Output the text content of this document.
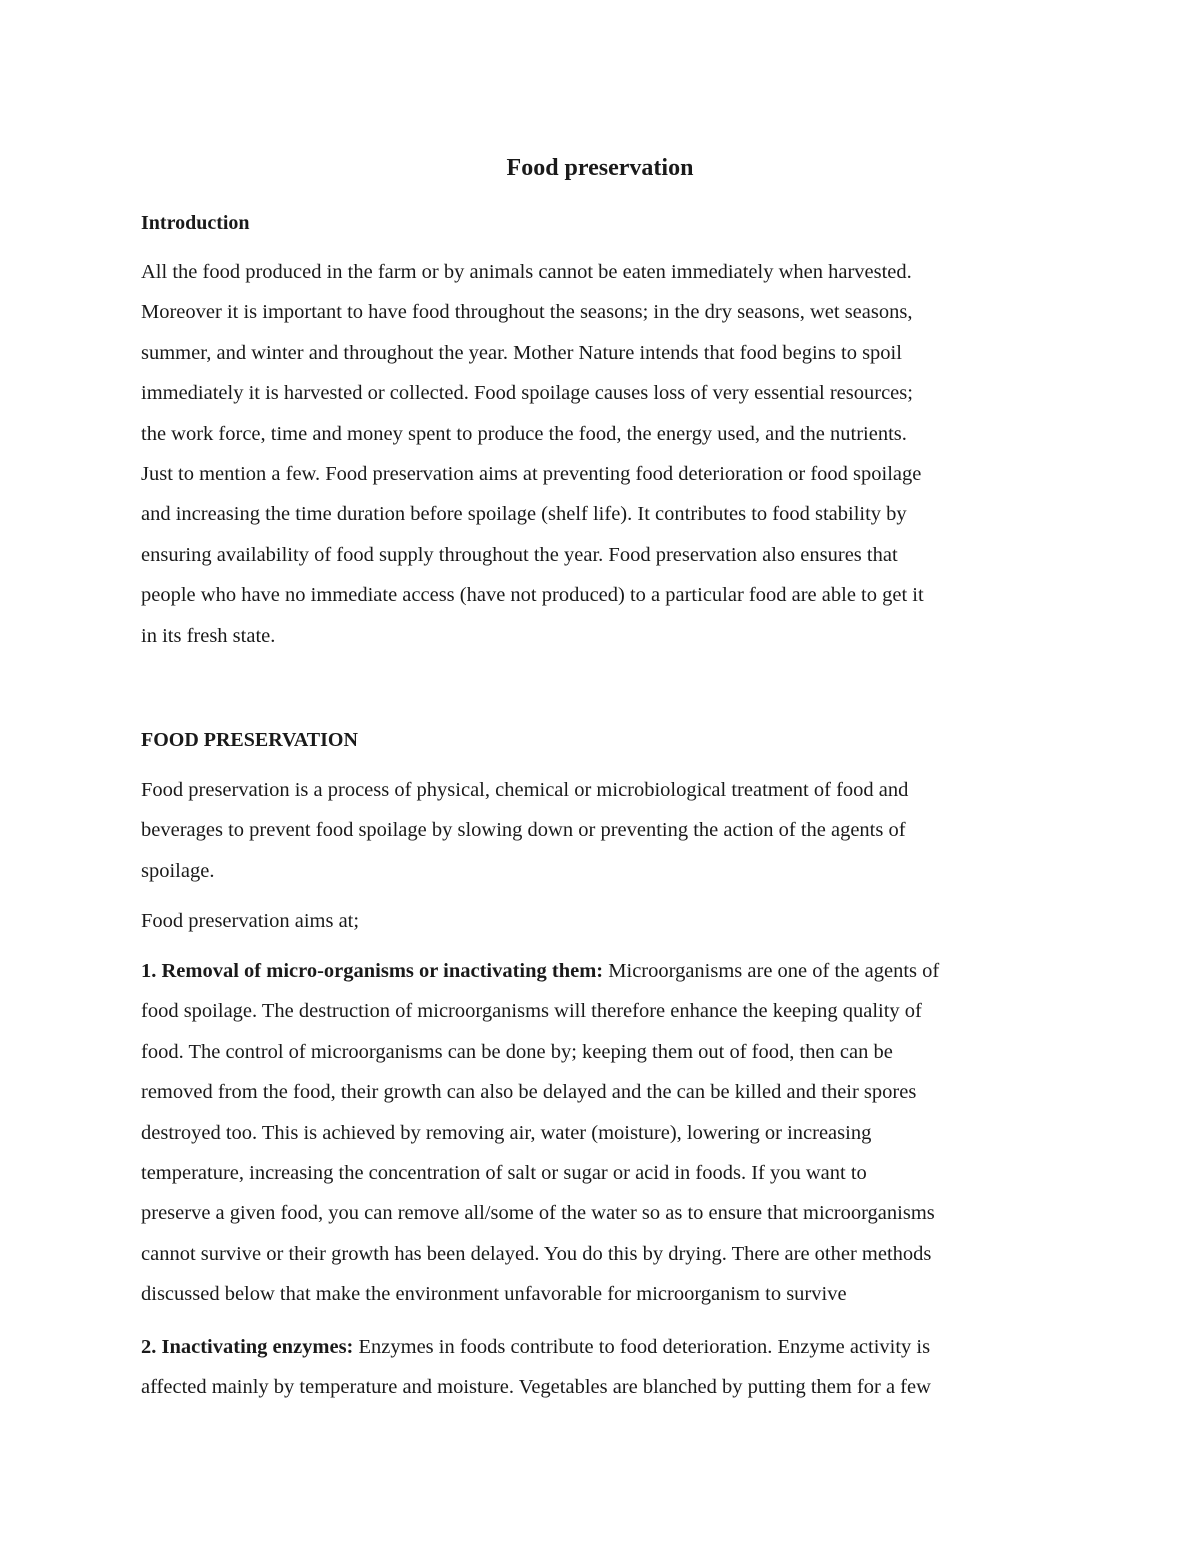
Food preservation
Introduction

All the food produced in the farm or by animals cannot be eaten immediately when harvested.
Moreover it is important to have food throughout the seasons; in the dry seasons, wet seasons,
summer, and winter and throughout the year. Mother Nature intends that food begins to spoil
immediately it is harvested or collected. Food spoilage causes loss of very essential resources;
the work force, time and money spent to produce the food, the energy used, and the nutrients.
Just to mention a few. Food preservation aims at preventing food deterioration or food spoilage
and increasing the time duration before spoilage (shelf life). It contributes to food stability by
ensuring availability of food supply throughout the year. Food preservation also ensures that
people who have no immediate access (have not produced) to a particular food are able to get it
in its fresh state.

FOOD PRESERVATION

Food preservation is a process of physical, chemical or microbiological treatment of food and
beverages to prevent food spoilage by slowing down or preventing the action of the agents of
spoilage.

Food preservation aims at;

1. Removal of micro-organisms or inactivating them: Microorganisms are one of the agents of
food spoilage. The destruction of microorganisms will therefore enhance the keeping quality of
food. The control of microorganisms can be done by; keeping them out of food, then can be
removed from the food, their growth can also be delayed and the can be killed and their spores
destroyed too. This is achieved by removing air, water (moisture), lowering or increasing
temperature, increasing the concentration of salt or sugar or acid in foods. If you want to
preserve a given food, you can remove all/some of the water so as to ensure that microorganisms
cannot survive or their growth has been delayed. You do this by drying. There are other methods
discussed below that make the environment unfavorable for microorganism to survive

2. Inactivating enzymes: Enzymes in foods contribute to food deterioration. Enzyme activity is
affected mainly by temperature and moisture. Vegetables are blanched by putting them for a few
